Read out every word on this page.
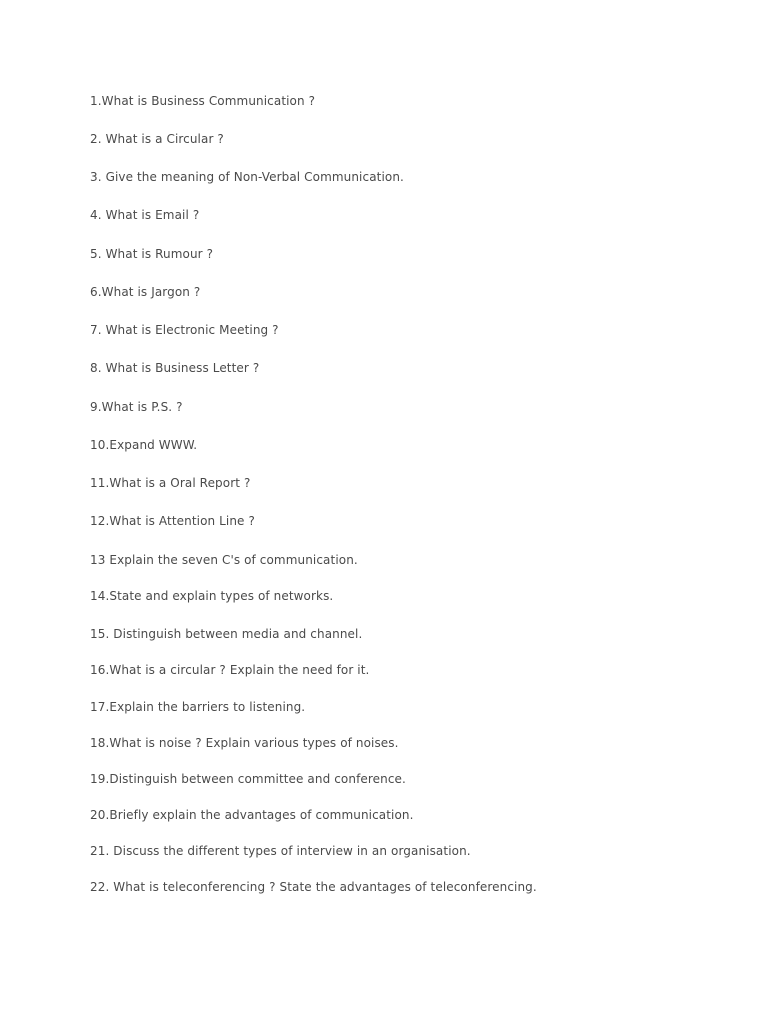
1.What is Business Communication ?
2. What is a Circular ?
3. Give the meaning of Non-Verbal Communication.
4. What is Email ?
5. What is Rumour ?
6.What is Jargon ?
7. What is Electronic Meeting ?
8. What is Business Letter ?
9.What is P.S. ?
10.Expand WWW.
11.What is a Oral Report ?
12.What is Attention Line ?
13 Explain the seven C's of communication.
14.State and explain types of networks.
15. Distinguish between media and channel.
16.What is a circular ? Explain the need for it.
17.Explain the barriers to listening.
18.What is noise ? Explain various types of noises.
19.Distinguish between committee and conference.
20.Briefly explain the advantages of communication.
21. Discuss the different types of interview in an organisation.
22. What is teleconferencing ? State the advantages of teleconferencing.
